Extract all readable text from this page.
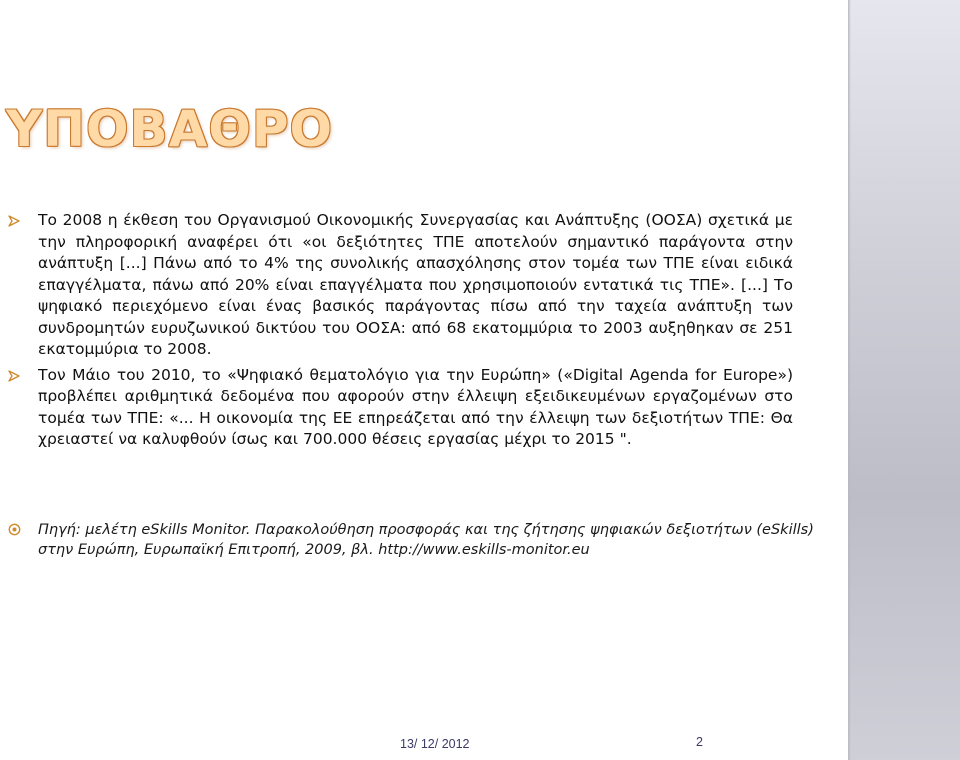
ΥΠΟΒΑΘΡΟ
Το 2008 η έκθεση του Οργανισμού Οικονομικής Συνεργασίας και Ανάπτυξης (ΟΟΣΑ) σχετικά με την πληροφορική αναφέρει ότι «οι δεξιότητες ΤΠΕ αποτελούν σημαντικό παράγοντα στην ανάπτυξη [...] Πάνω από το 4% της συνολικής απασχόλησης στον τομέα των ΤΠΕ είναι ειδικά επαγγέλματα, πάνω από 20% είναι επαγγέλματα που χρησιμοποιούν εντατικά τις ΤΠΕ». [...] Το ψηφιακό περιεχόμενο είναι ένας βασικός παράγοντας πίσω από την ταχεία ανάπτυξη των συνδρομητών ευρυζωνικού δικτύου του ΟΟΣΑ: από 68 εκατομμύρια το 2003 αυξηθηκαν σε 251 εκατομμύρια το 2008.
Τον Μάιο του 2010, το «Ψηφιακό θεματολόγιο για την Ευρώπη» («Digital Agenda for Europe») προβλέπει αριθμητικά δεδομένα που αφορούν στην έλλειψη εξειδικευμένων εργαζομένων στο τομέα των ΤΠΕ: «... Η οικονομία της ΕΕ επηρεάζεται από την έλλειψη των δεξιοτήτων ΤΠΕ: Θα χρειαστεί να καλυφθούν ίσως και 700.000 θέσεις εργασίας μέχρι το 2015 ".
Πηγή: μελέτη eSkills Monitor. Παρακολούθηση προσφοράς και της ζήτησης ψηφιακών δεξιοτήτων (eSkills) στην Ευρώπη, Ευρωπαϊκή Επιτροπή, 2009, βλ. http://www.eskills-monitor.eu
13/ 12/ 2012	2
